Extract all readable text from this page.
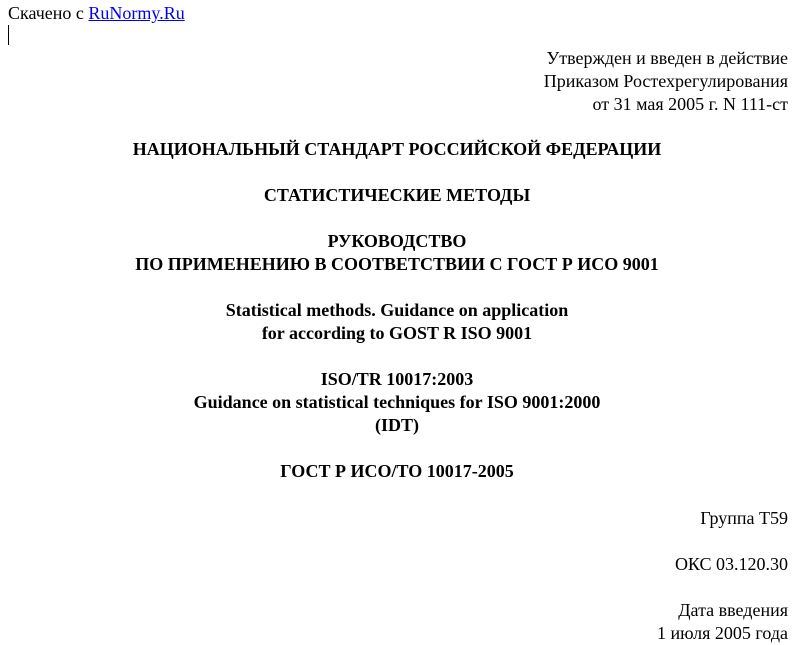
Скачено с RuNormy.Ru
Утвержден и введен в действие
Приказом Ростехрегулирования
от 31 мая 2005 г. N 111-ст
НАЦИОНАЛЬНЫЙ СТАНДАРТ РОССИЙСКОЙ ФЕДЕРАЦИИ
СТАТИСТИЧЕСКИЕ МЕТОДЫ
РУКОВОДСТВО
ПО ПРИМЕНЕНИЮ В СООТВЕТСТВИИ С ГОСТ Р ИСО 9001
Statistical methods. Guidance on application
for according to GOST R ISO 9001
ISO/TR 10017:2003
Guidance on statistical techniques for ISO 9001:2000
(IDT)
ГОСТ Р ИСО/ТО 10017-2005
Группа Т59
ОКС 03.120.30
Дата введения
1 июля 2005 года
